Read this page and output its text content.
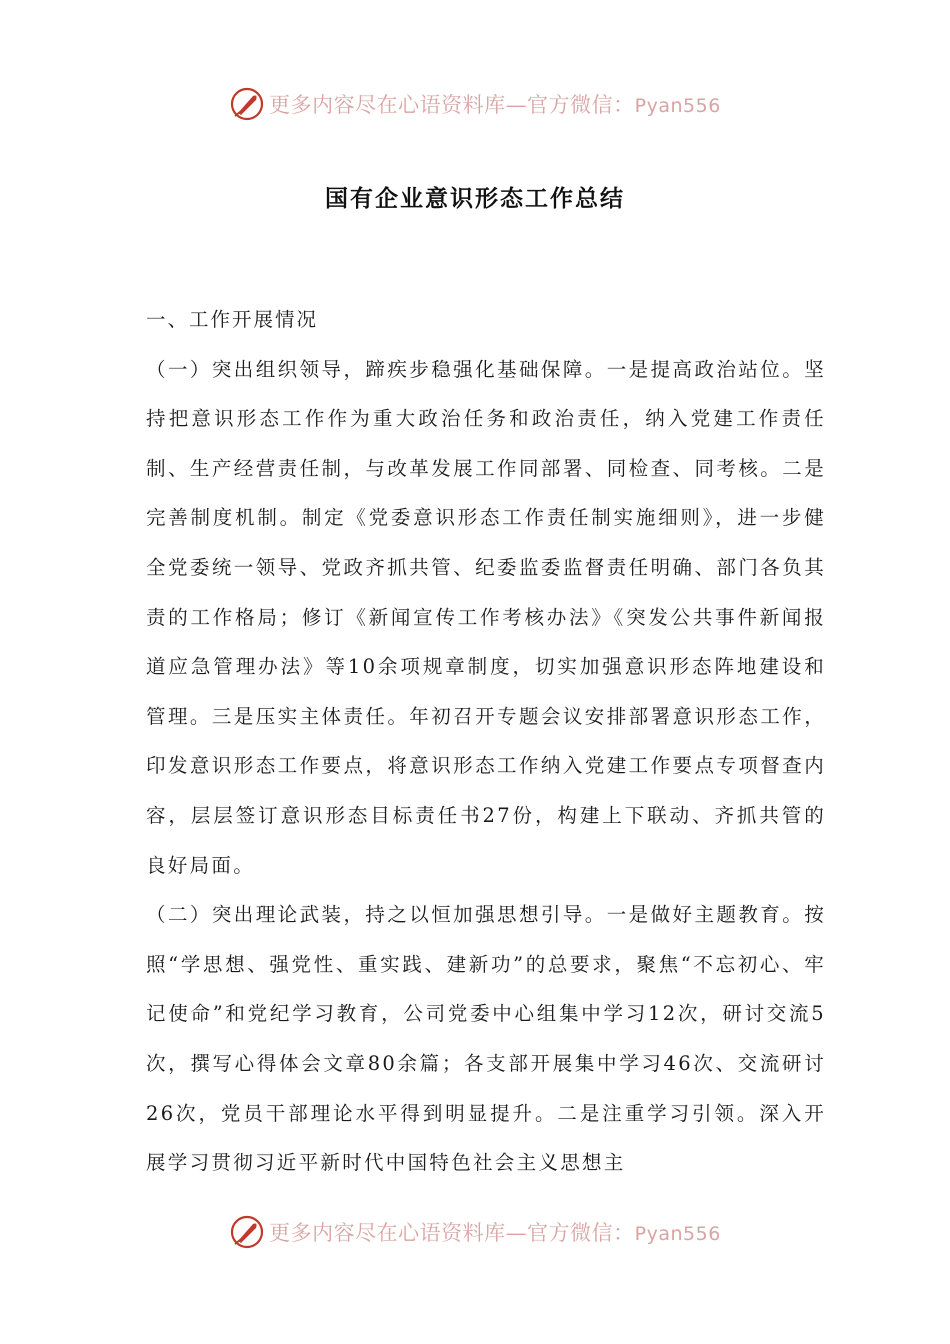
更多内容尽在心语资料库—官方微信：Pyan556
国有企业意识形态工作总结

一、工作开展情况

（一）突出组织领导，蹄疾步稳强化基础保障。一是提高政治站位。坚持把意识形态工作作为重大政治任务和政治责任，纳入党建工作责任制、生产经营责任制，与改革发展工作同部署、同检查、同考核。二是完善制度机制。制定《党委意识形态工作责任制实施细则》，进一步健全党委统一领导、党政齐抓共管、纪委监委监督责任明确、部门各负其责的工作格局；修订《新闻宣传工作考核办法》《突发公共事件新闻报道应急管理办法》等10余项规章制度，切实加强意识形态阵地建设和管理。三是压实主体责任。年初召开专题会议安排部署意识形态工作，印发意识形态工作要点，将意识形态工作纳入党建工作要点专项督查内容，层层签订意识形态目标责任书27份，构建上下联动、齐抓共管的良好局面。

（二）突出理论武装，持之以恒加强思想引导。一是做好主题教育。按照“学思想、强党性、重实践、建新功”的总要求，聚焦“不忘初心、牢记使命”和党纪学习教育，公司党委中心组集中学习12次，研讨交流5次，撰写心得体会文章80余篇；各支部开展集中学习46次、交流研讨26次，党员干部理论水平得到明显提升。二是注重学习引领。深入开展学习贯彻习近平新时代中国特色社会主义思想主

更多内容尽在心语资料库—官方微信：Pyan556
